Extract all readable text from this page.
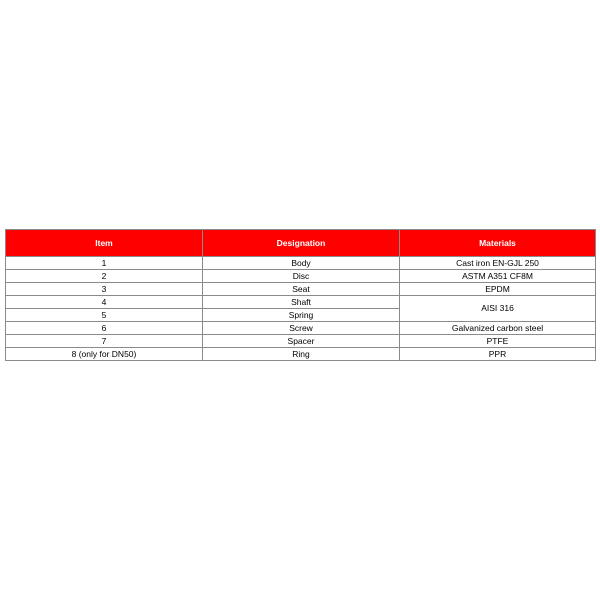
Item	Designation	Materials
1	Body	Cast iron EN-GJL 250
2	Disc	ASTM A351 CF8M
3	Seat	EPDM
4	Shaft	AISI 316
5	Spring	
6	Screw	Galvanized carbon steel
7	Spacer	PTFE
8 (only for DN50)	Ring	PPR
